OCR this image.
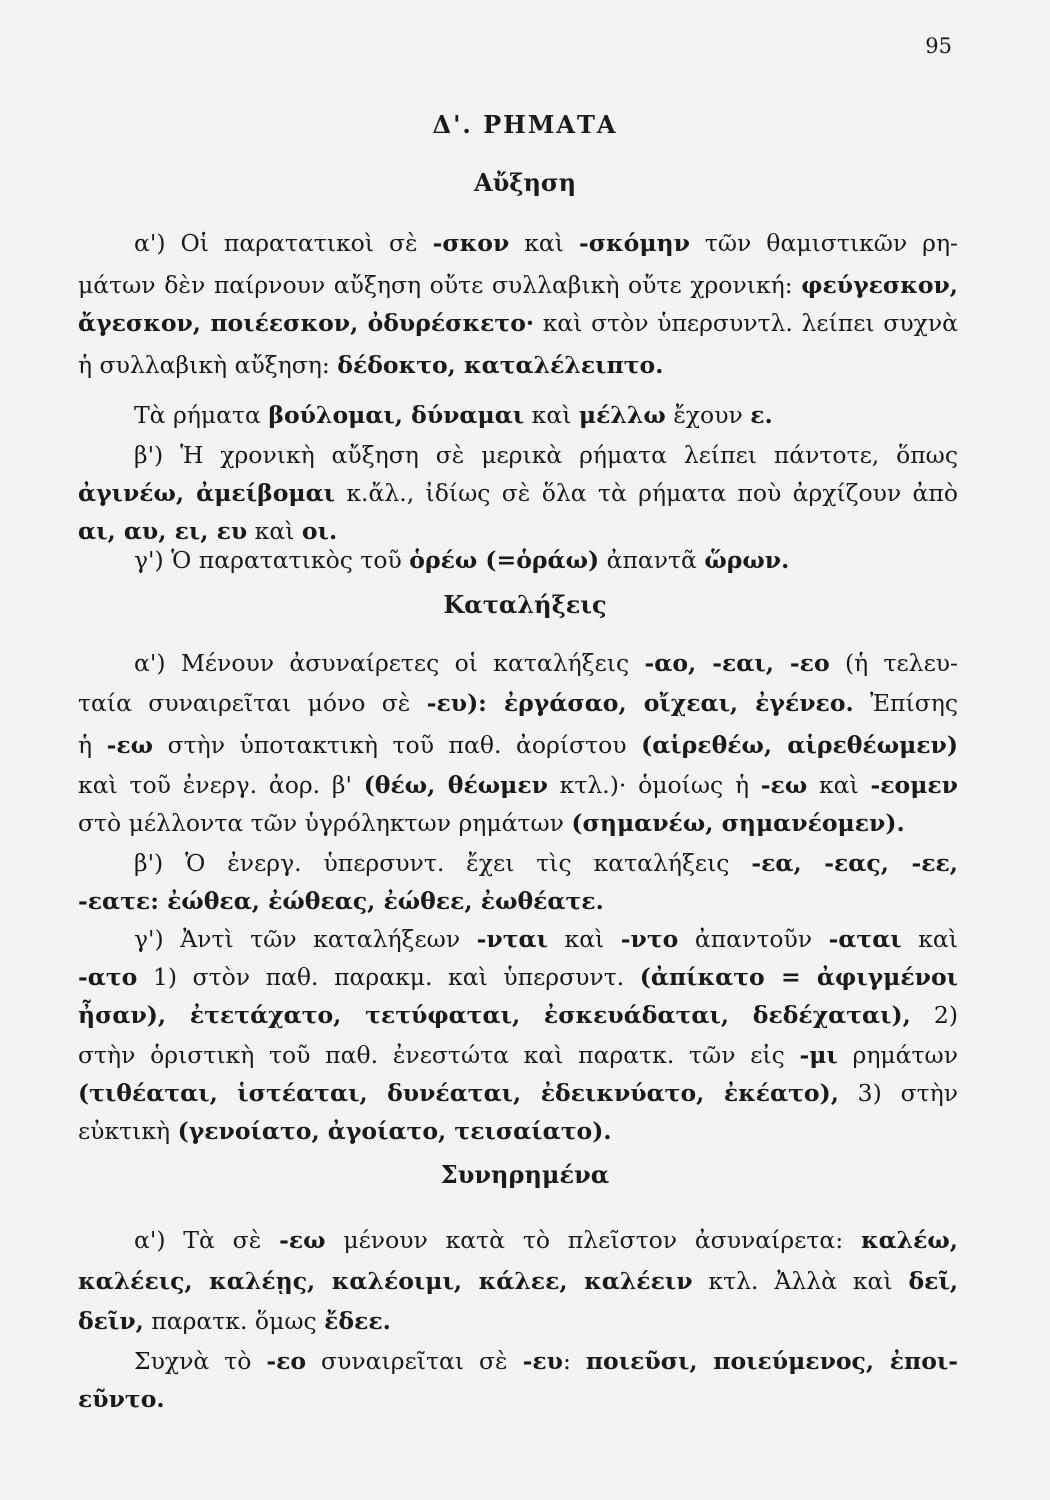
95
Δ'. ΡΗΜΑΤΑ
Αὔξηση
Καταλήξεις
Συνηρημένα
α') Οἱ παρατατικοὶ σὲ -σκον καὶ -σκόμην τῶν θαμιστικῶν ρη-
μάτων δὲν παίρνουν αὔξηση οὔτε συλλαβικὴ οὔτε χρονική: φεύγεσκον,
ἄγεσκον, ποιέεσκον, ὀδυρέσκετο· καὶ στὸν ὑπερσυντλ. λείπει συχνὰ
ἡ συλλαβικὴ αὔξηση: δέδοκτο, καταλέλειπτο.
Τὰ ρήματα βούλομαι, δύναμαι καὶ μέλλω ἔχουν ε.
β') Ἡ χρονικὴ αὔξηση σὲ μερικὰ ρήματα λείπει πάντοτε, ὅπως
ἀγινέω, ἀμείβομαι κ.ἄλ., ἰδίως σὲ ὅλα τὰ ρήματα ποὺ ἀρχίζουν ἀπὸ
αι, αυ, ει, ευ καὶ οι.
γ') Ὁ παρατατικὸς τοῦ ὁρέω (=ὁράω) ἀπαντᾶ ὥρων.
α') Μένουν ἀσυναίρετες οἱ καταλήξεις -αο, -εαι, -εο (ἡ τελευ-
ταία συναιρεῖται μόνο σὲ -ευ): ἐργάσαο, οἴχεαι, ἐγένεο. Ἐπίσης
ἡ -εω στὴν ὑποτακτικὴ τοῦ παθ. ἀορίστου (αἱρεθέω, αἱρεθέωμεν)
καὶ τοῦ ἐνεργ. ἀορ. β' (θέω, θέωμεν κτλ.)· ὁμοίως ἡ -εω καὶ -εομεν
στὸ μέλλοντα τῶν ὑγρόληκτων ρημάτων (σημανέω, σημανέομεν).
β') Ὁ ἐνεργ. ὑπερσυντ. ἔχει τὶς καταλήξεις -εα, -εας, -εε,
-εατε: ἐώθεα, ἐώθεας, ἐώθεε, ἐωθέατε.
γ') Ἀντὶ τῶν καταλήξεων -νται καὶ -ντο ἀπαντοῦν -αται καὶ
-ατο 1) στὸν παθ. παρακμ. καὶ ὑπερσυντ. (ἀπίκατο = ἀφιγμένοι
ἦσαν), ἐτετάχατο, τετύφαται, ἐσκευάδαται, δεδέχαται), 2)
στὴν ὁριστικὴ τοῦ παθ. ἐνεστώτα καὶ παρατκ. τῶν εἰς -μι ρημάτων
(τιθέαται, ἱστέαται, δυνέαται, ἐδεικνύατο, ἐκέατο), 3) στὴν
εὐκτικὴ (γενοίατο, ἀγοίατο, τεισαίατο).
α') Τὰ σὲ -εω μένουν κατὰ τὸ πλεῖστον ἀσυναίρετα: καλέω,
καλέεις, καλέῃς, καλέοιμι, κάλεε, καλέειν κτλ. Ἀλλὰ καὶ δεῖ,
δεῖν, παρατκ. ὅμως ἔδεε.
Συχνὰ τὸ -εο συναιρεῖται σὲ -ευ: ποιεῦσι, ποιεύμενος, ἐποι-
εῦντο.
